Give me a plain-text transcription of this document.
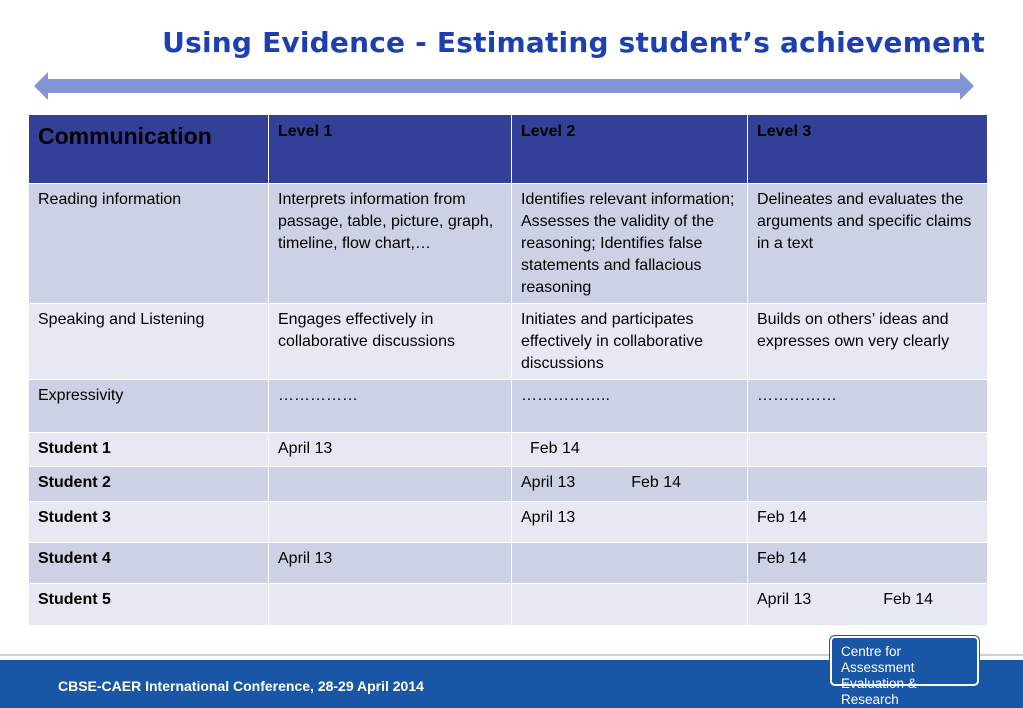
Using Evidence - Estimating student’s achievement
Communication	Level 1	Level 2	Level 3
Reading information	Interprets information from passage, table, picture, graph, timeline, flow chart,…	Identifies relevant information; Assesses the validity of the reasoning; Identifies false statements and fallacious reasoning	Delineates and evaluates the arguments and specific claims in a text
Speaking and Listening	Engages effectively in collaborative discussions	Initiates and participates effectively in collaborative discussions	Builds on others’ ideas and expresses own very clearly
Expressivity	……………	……………..	……………
Student 1	April 13	Feb 14	
Student 2		April 13 Feb 14	

Student 3		April 13	Feb 14
Student 4	April 13		Feb 14
Student 5			April 13 Feb 14
CBSE-CAER International Conference, 28-29 April 2014
Centre for Assessment
Evaluation & Research
